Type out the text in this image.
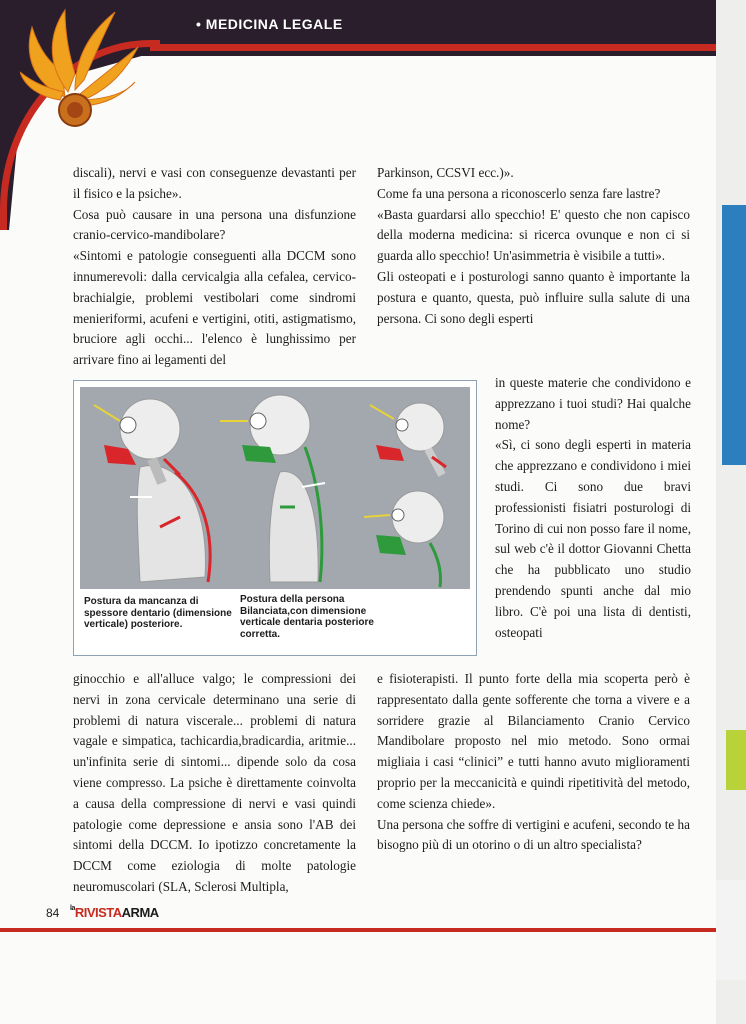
• MEDICINA LEGALE

discali), nervi e vasi con conseguenze devastanti per il fisico e la psiche».

Cosa può causare in una persona una disfunzione cranio-cervico-mandibolare?

«Sintomi e patologie conseguenti alla DCCM sono innumerevoli: dalla cervicalgia alla cefalea, cervico-brachialgie, problemi vestibolari come sindromi menieriformi, acufeni e vertigini, otiti, astigmatismo, bruciore agli occhi... l'elenco è lunghissimo per arrivare fino ai legamenti del

Parkinson, CCSVI ecc.)».

Come fa una persona a riconoscerlo senza fare lastre?

«Basta guardarsi allo specchio! E' questo che non capisco della moderna medicina: si ricerca ovunque e non ci si guarda allo specchio! Un'asimmetria è visibile a tutti».

Gli osteopati e i posturologi sanno quanto è importante la postura e quanto, questa, può influire sulla salute di una persona. Ci sono degli esperti

in queste materie che condividono e apprezzano i tuoi studi? Hai qualche nome?

«Sì, ci sono degli esperti in materia che apprezzano e condividono i miei studi. Ci sono due bravi professionisti fisiatri posturologi di Torino di cui non posso fare il nome, sul web c'è il dottor Giovanni Chetta che ha pubblicato uno studio prendendo spunti anche dal mio libro. C'è poi una lista di dentisti, osteopati

Postura da mancanza di spessore dentario (dimensione verticale) posteriore.
Postura della persona Bilanciata,con dimensione verticale dentaria posteriore corretta.

ginocchio e all'alluce valgo; le compressioni dei nervi in zona cervicale determinano una serie di problemi di natura viscerale... problemi di natura vagale e simpatica, tachicardia,bradicardia, aritmie... un'infinita serie di sintomi... dipende solo da cosa viene compresso. La psiche è direttamente coinvolta a causa della compressione di nervi e vasi quindi patologie come depressione e ansia sono l'AB dei sintomi della DCCM. Io ipotizzo concretamente la DCCM come eziologia di molte patologie neuromuscolari (SLA, Sclerosi Multipla,

e fisioterapisti. Il punto forte della mia scoperta però è rappresentato dalla gente sofferente che torna a vivere e a sorridere grazie al Bilanciamento Cranio Cervico Mandibolare proposto nel mio metodo. Sono ormai migliaia i casi “clinici” e tutti hanno avuto miglioramenti proprio per la meccanicità e quindi ripetitività del metodo, come scienza chiede».

Una persona che soffre di vertigini e acufeni, secondo te ha bisogno più di un otorino o di un altro specialista?

84 $^{la}$RIVISTAARMA
